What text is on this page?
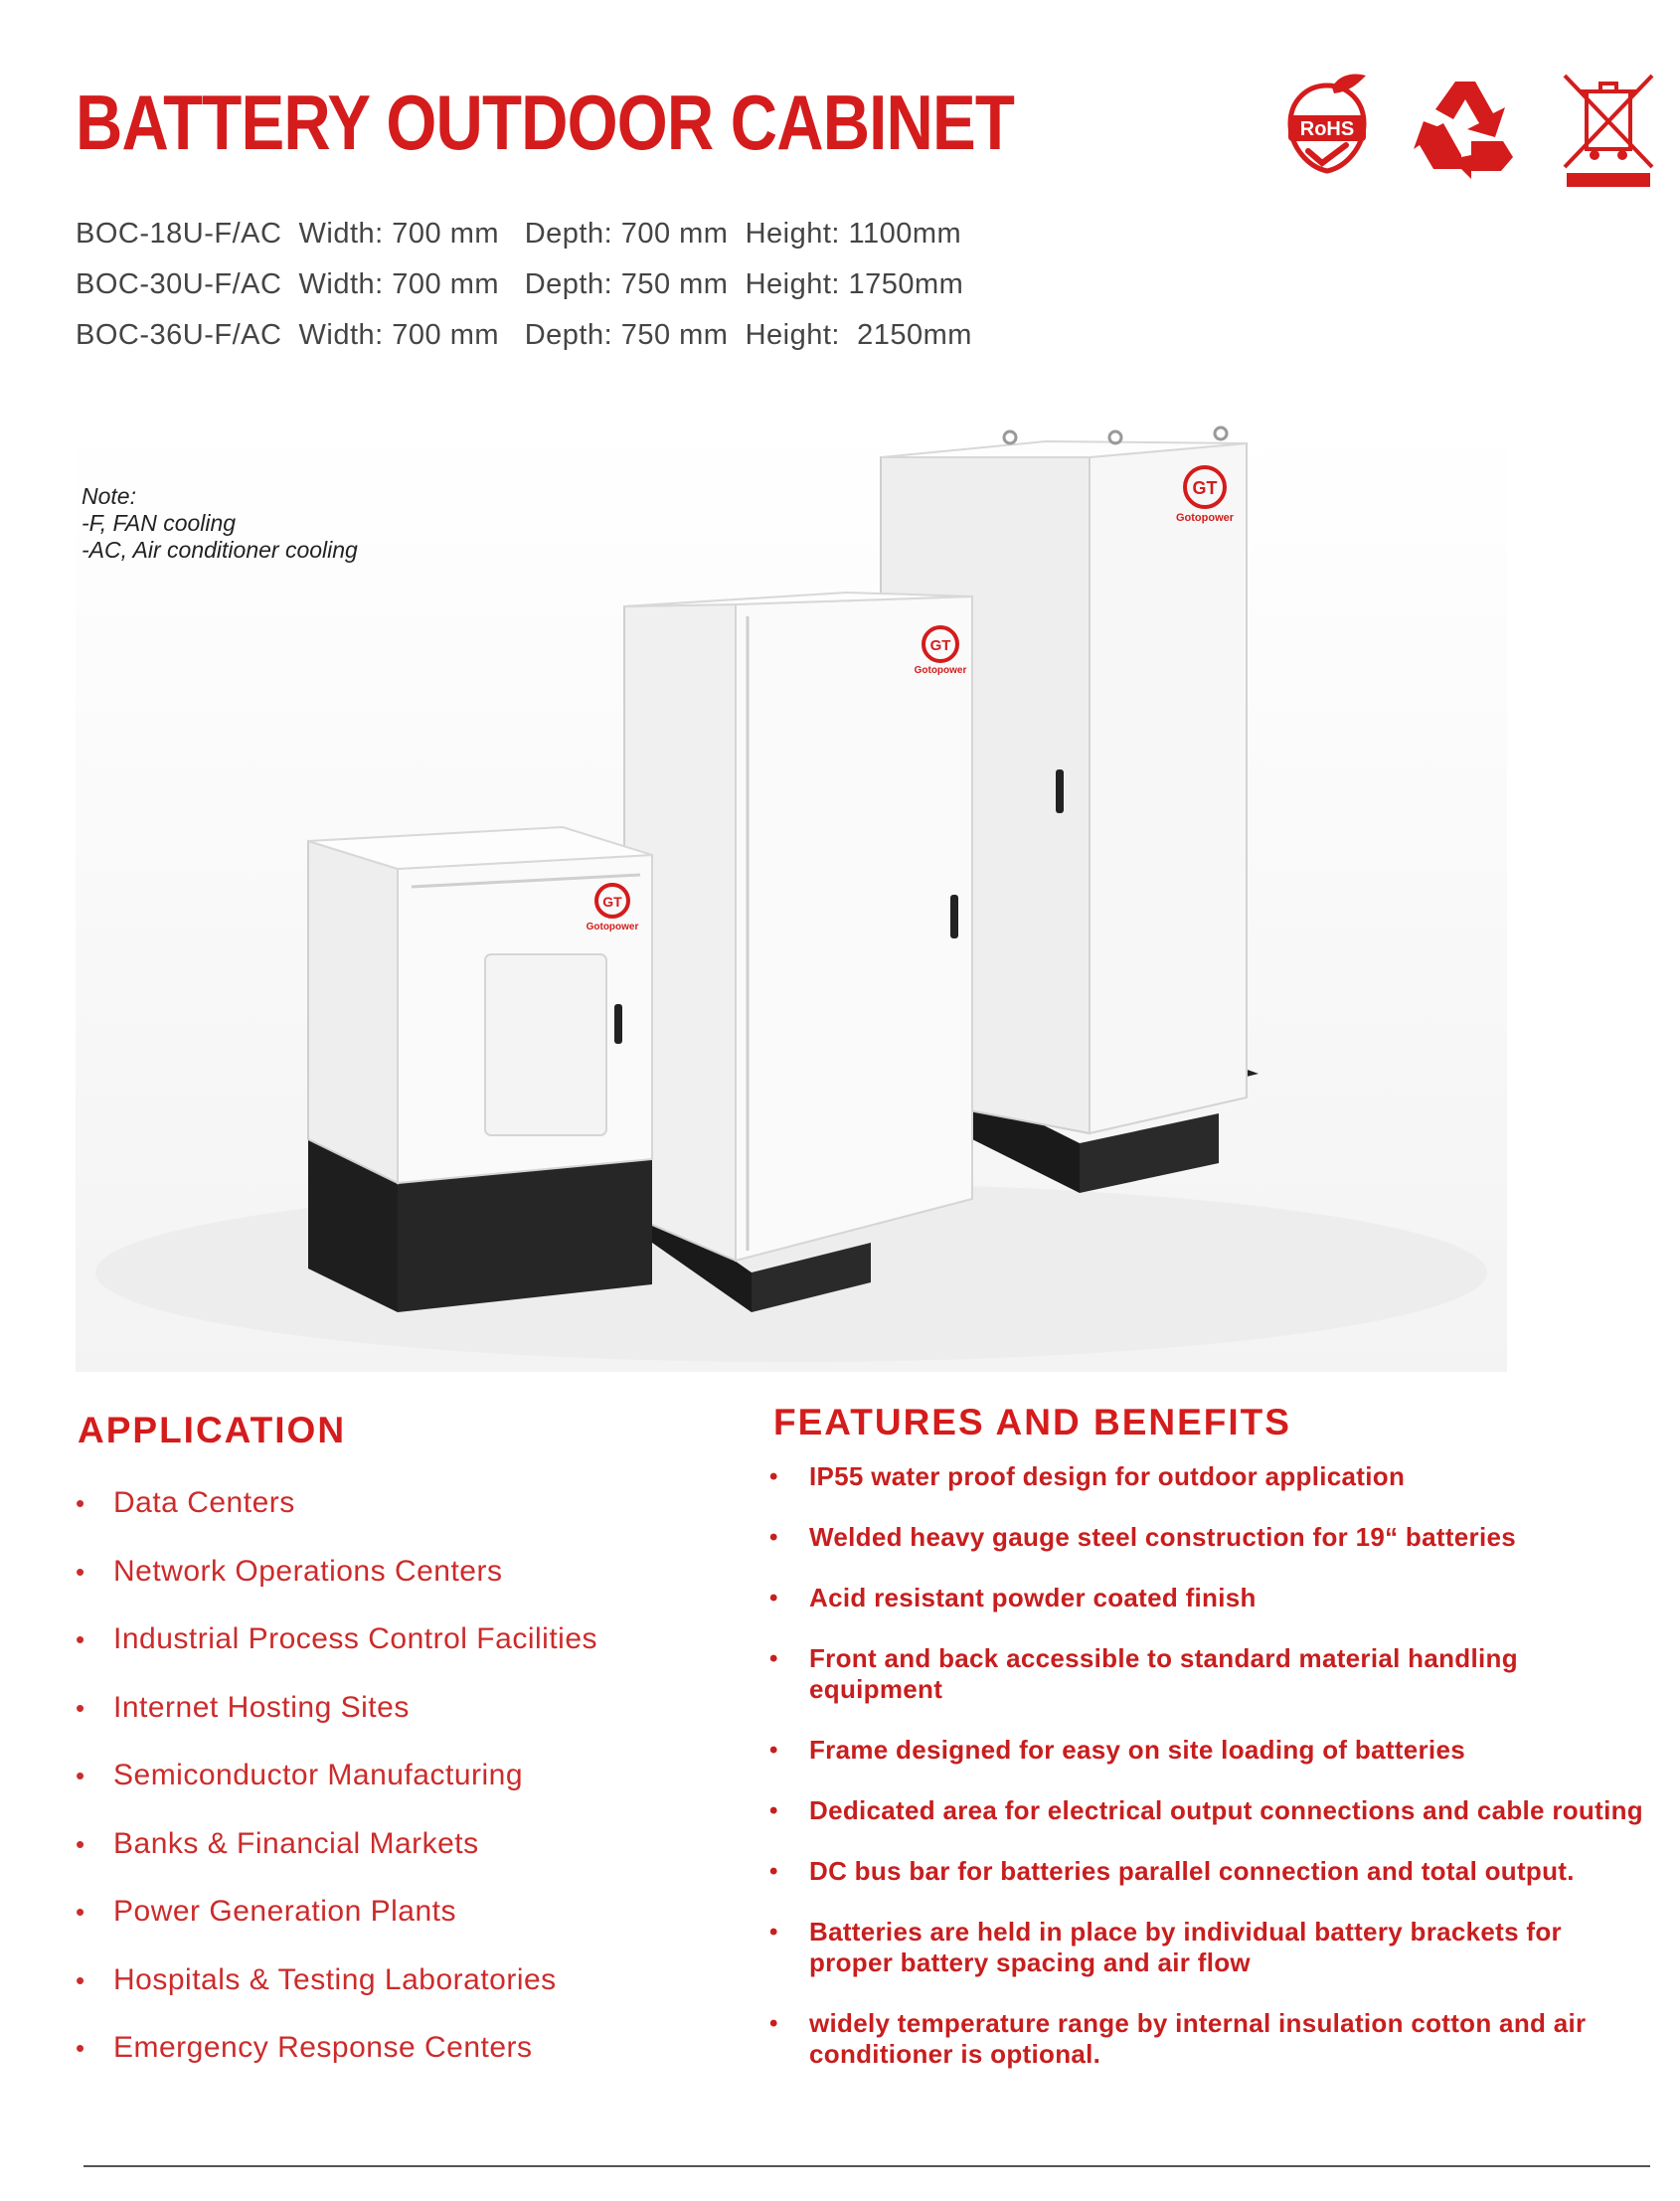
BATTERY OUTDOOR CABINET
BOC-18U-F/AC  Width: 700 mm   Depth: 700 mm  Height: 1100mm
BOC-30U-F/AC  Width: 700 mm   Depth: 750 mm  Height: 1750mm
BOC-36U-F/AC  Width: 700 mm   Depth: 750 mm  Height:  2150mm
RoHS
GT
Gotopower
GT
Gotopower
GT
Gotopower
Note:
-F, FAN cooling
-AC, Air conditioner cooling
APPLICATION
• Data Centers
• Network Operations Centers
• Industrial Process Control Facilities
• Internet Hosting Sites
• Semiconductor Manufacturing
• Banks & Financial Markets
• Power Generation Plants
• Hospitals & Testing Laboratories
• Emergency Response Centers
FEATURES AND BENEFITS
• IP55 water proof design for outdoor application
• Welded heavy gauge steel construction for 19“ batteries
• Acid resistant powder coated finish
• Front and back accessible to standard material handling equipment
• Frame designed for easy on site loading of batteries
• Dedicated area for electrical output connections and cable routing
• DC bus bar for batteries parallel connection and total output.
• Batteries are held in place by individual battery brackets for proper battery spacing and air flow
• widely temperature range by internal insulation cotton and air conditioner is optional.
